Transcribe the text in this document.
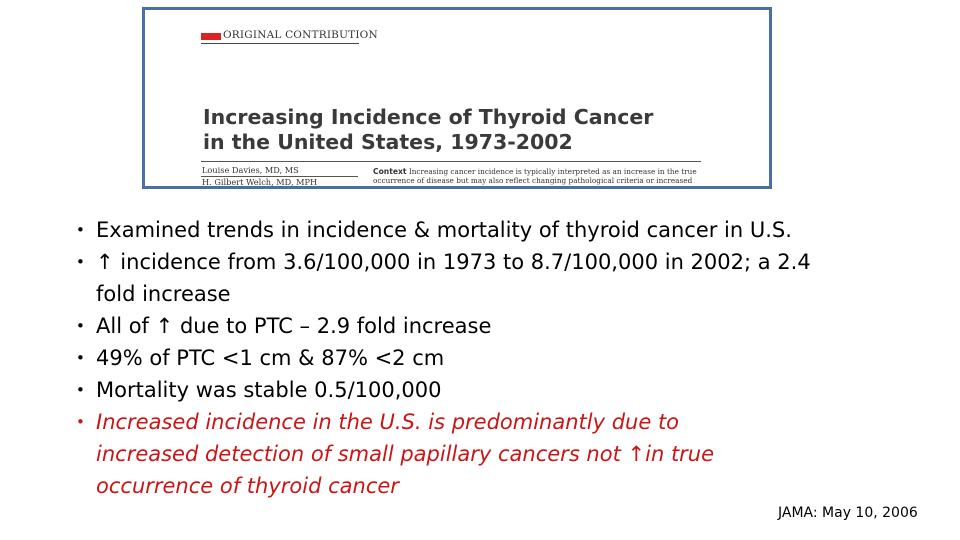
ORIGINAL CONTRIBUTION
Increasing Incidence of Thyroid Cancer
in the United States, 1973-2002
Louise Davies, MD, MS
H. Gilbert Welch, MD, MPH
Context Increasing cancer incidence is typically interpreted as an increase in the true
occurrence of disease but may also reflect changing pathological criteria or increased
• Examined trends in incidence & mortality of thyroid cancer in U.S.
• ↑ incidence from 3.6/100,000 in 1973 to 8.7/100,000 in 2002; a 2.4
fold increase
• All of ↑ due to PTC – 2.9 fold increase
• 49% of PTC <1 cm & 87% <2 cm
• Mortality was stable 0.5/100,000
• Increased incidence in the U.S. is predominantly due to
increased detection of small papillary cancers not ↑in true
occurrence of thyroid cancer
JAMA: May 10, 2006
